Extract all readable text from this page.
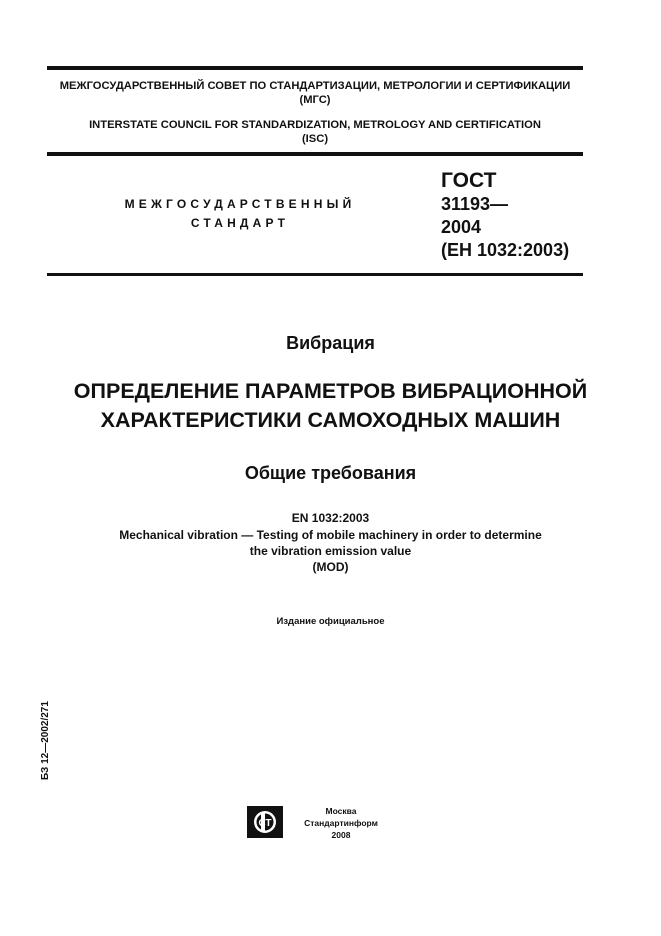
МЕЖГОСУДАРСТВЕННЫЙ СОВЕТ ПО СТАНДАРТИЗАЦИИ, МЕТРОЛОГИИ И СЕРТИФИКАЦИИ
(МГС)
INTERSTATE COUNCIL FOR STANDARDIZATION, METROLOGY AND CERTIFICATION
(ISC)
МЕЖГОСУДАРСТВЕННЫЙ
СТАНДАРТ
ГОСТ
31193—
2004
(ЕН 1032:2003)
Вибрация
ОПРЕДЕЛЕНИЕ ПАРАМЕТРОВ ВИБРАЦИОННОЙ
ХАРАКТЕРИСТИКИ САМОХОДНЫХ МАШИН
Общие требования
EN 1032:2003
Mechanical vibration — Testing of mobile machinery in order to determine
the vibration emission value
(MOD)
Издание официальное
БЗ 12—2002/271
СТ
Москва
Стандартинформ
2008
